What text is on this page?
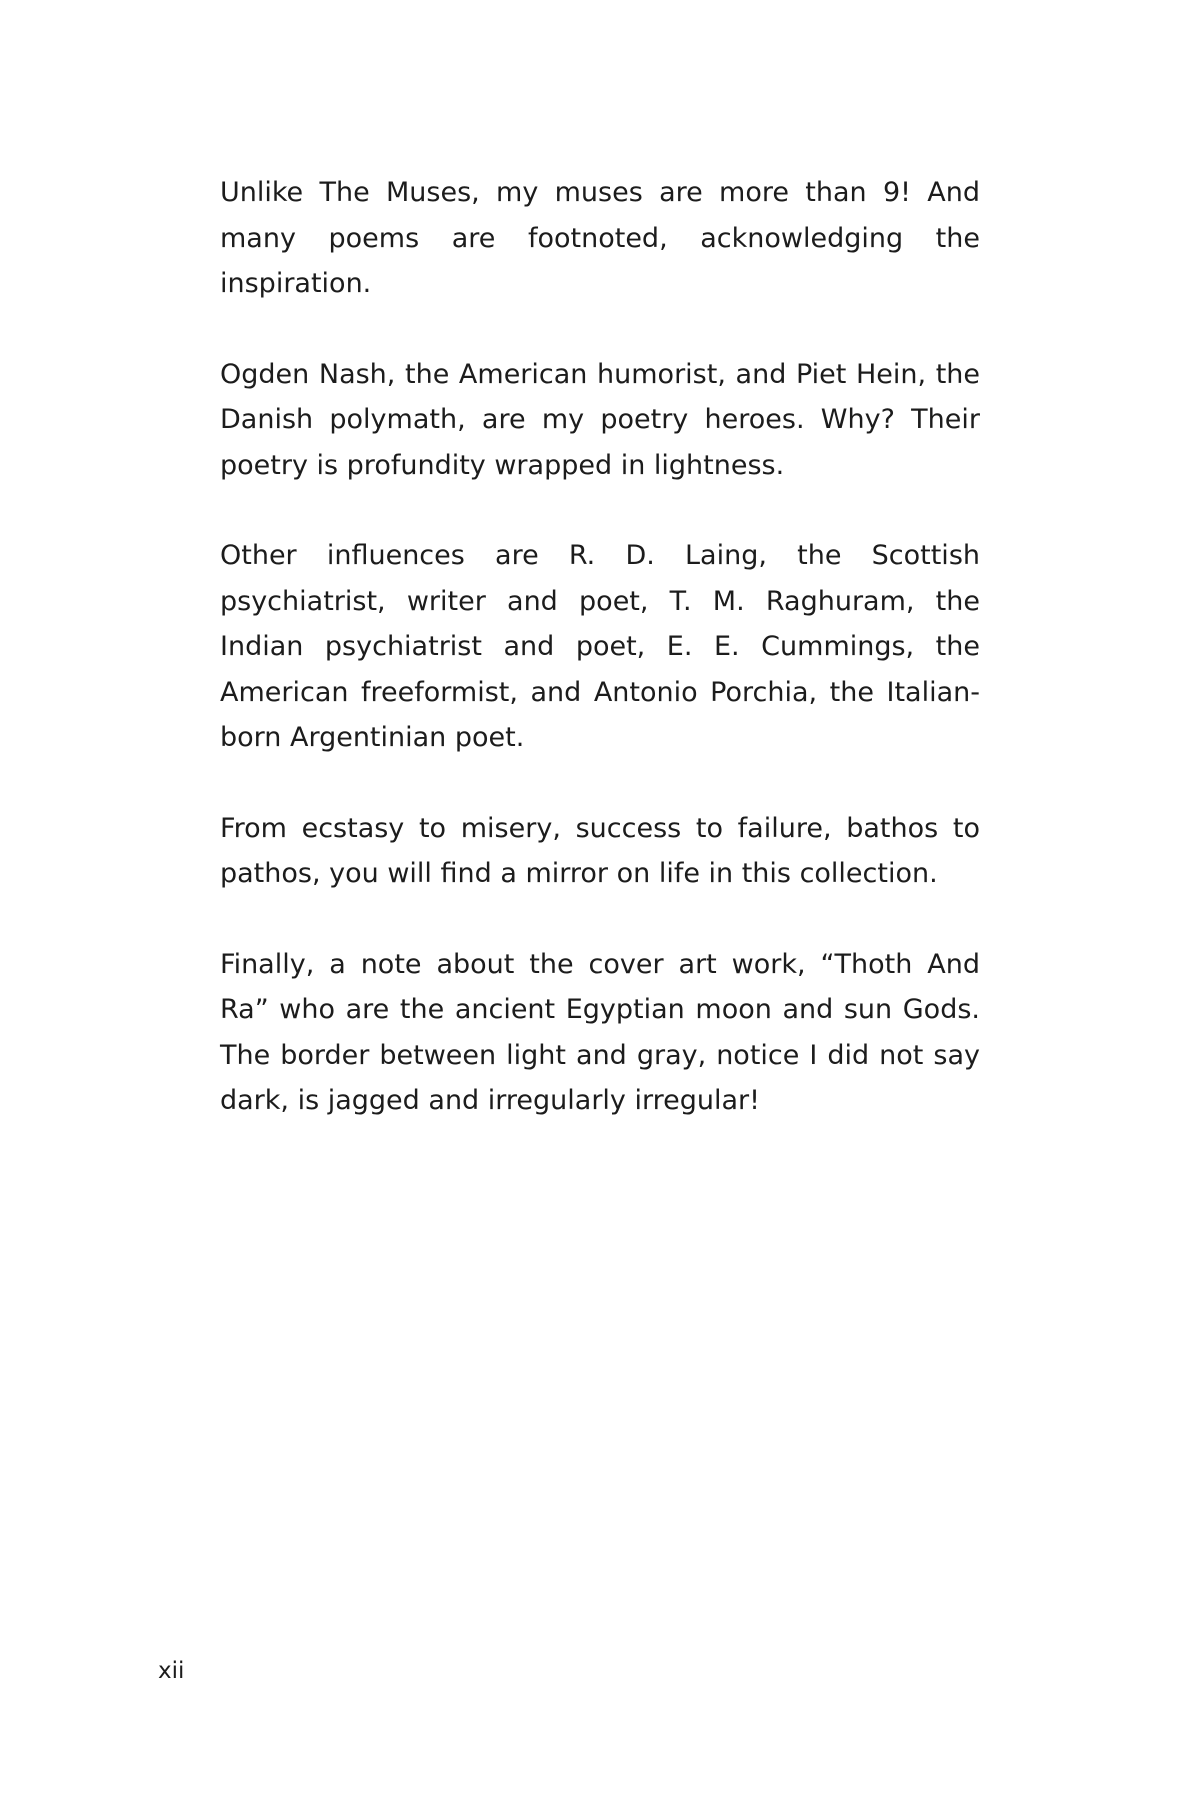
Unlike The Muses, my muses are more than 9! And many poems are footnoted, acknowledging the inspiration.

Ogden Nash, the American humorist, and Piet Hein, the Danish polymath, are my poetry heroes. Why? Their poetry is profundity wrapped in lightness.

Other influences are R. D. Laing, the Scottish psychiatrist, writer and poet, T. M. Raghuram, the Indian psychiatrist and poet, E. E. Cummings, the American freeformist, and Antonio Porchia, the Italian-born Argentinian poet.

From ecstasy to misery, success to failure, bathos to pathos, you will find a mirror on life in this collection.

Finally, a note about the cover art work, “Thoth And Ra” who are the ancient Egyptian moon and sun Gods. The border between light and gray, notice I did not say dark, is jagged and irregularly irregular!

xii
